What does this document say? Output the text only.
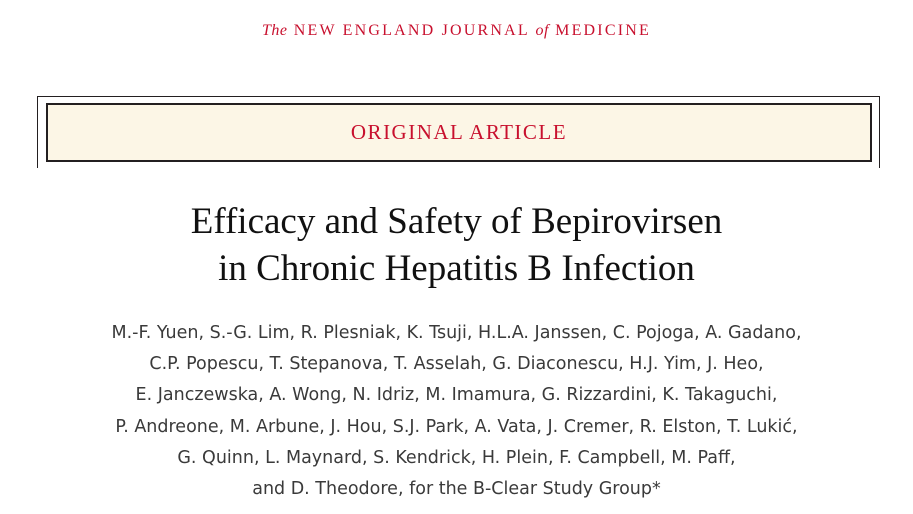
The NEW ENGLAND JOURNAL of MEDICINE
ORIGINAL ARTICLE
Efficacy and Safety of Bepirovirsen
in Chronic Hepatitis B Infection
M.-F. Yuen, S.-G. Lim, R. Plesniak, K. Tsuji, H.L.A. Janssen, C. Pojoga, A. Gadano,
C.P. Popescu, T. Stepanova, T. Asselah, G. Diaconescu, H.J. Yim, J. Heo,
E. Janczewska, A. Wong, N. Idriz, M. Imamura, G. Rizzardini, K. Takaguchi,
P. Andreone, M. Arbune, J. Hou, S.J. Park, A. Vata, J. Cremer, R. Elston, T. Lukić,
G. Quinn, L. Maynard, S. Kendrick, H. Plein, F. Campbell, M. Paff,
and D. Theodore, for the B-Clear Study Group*
